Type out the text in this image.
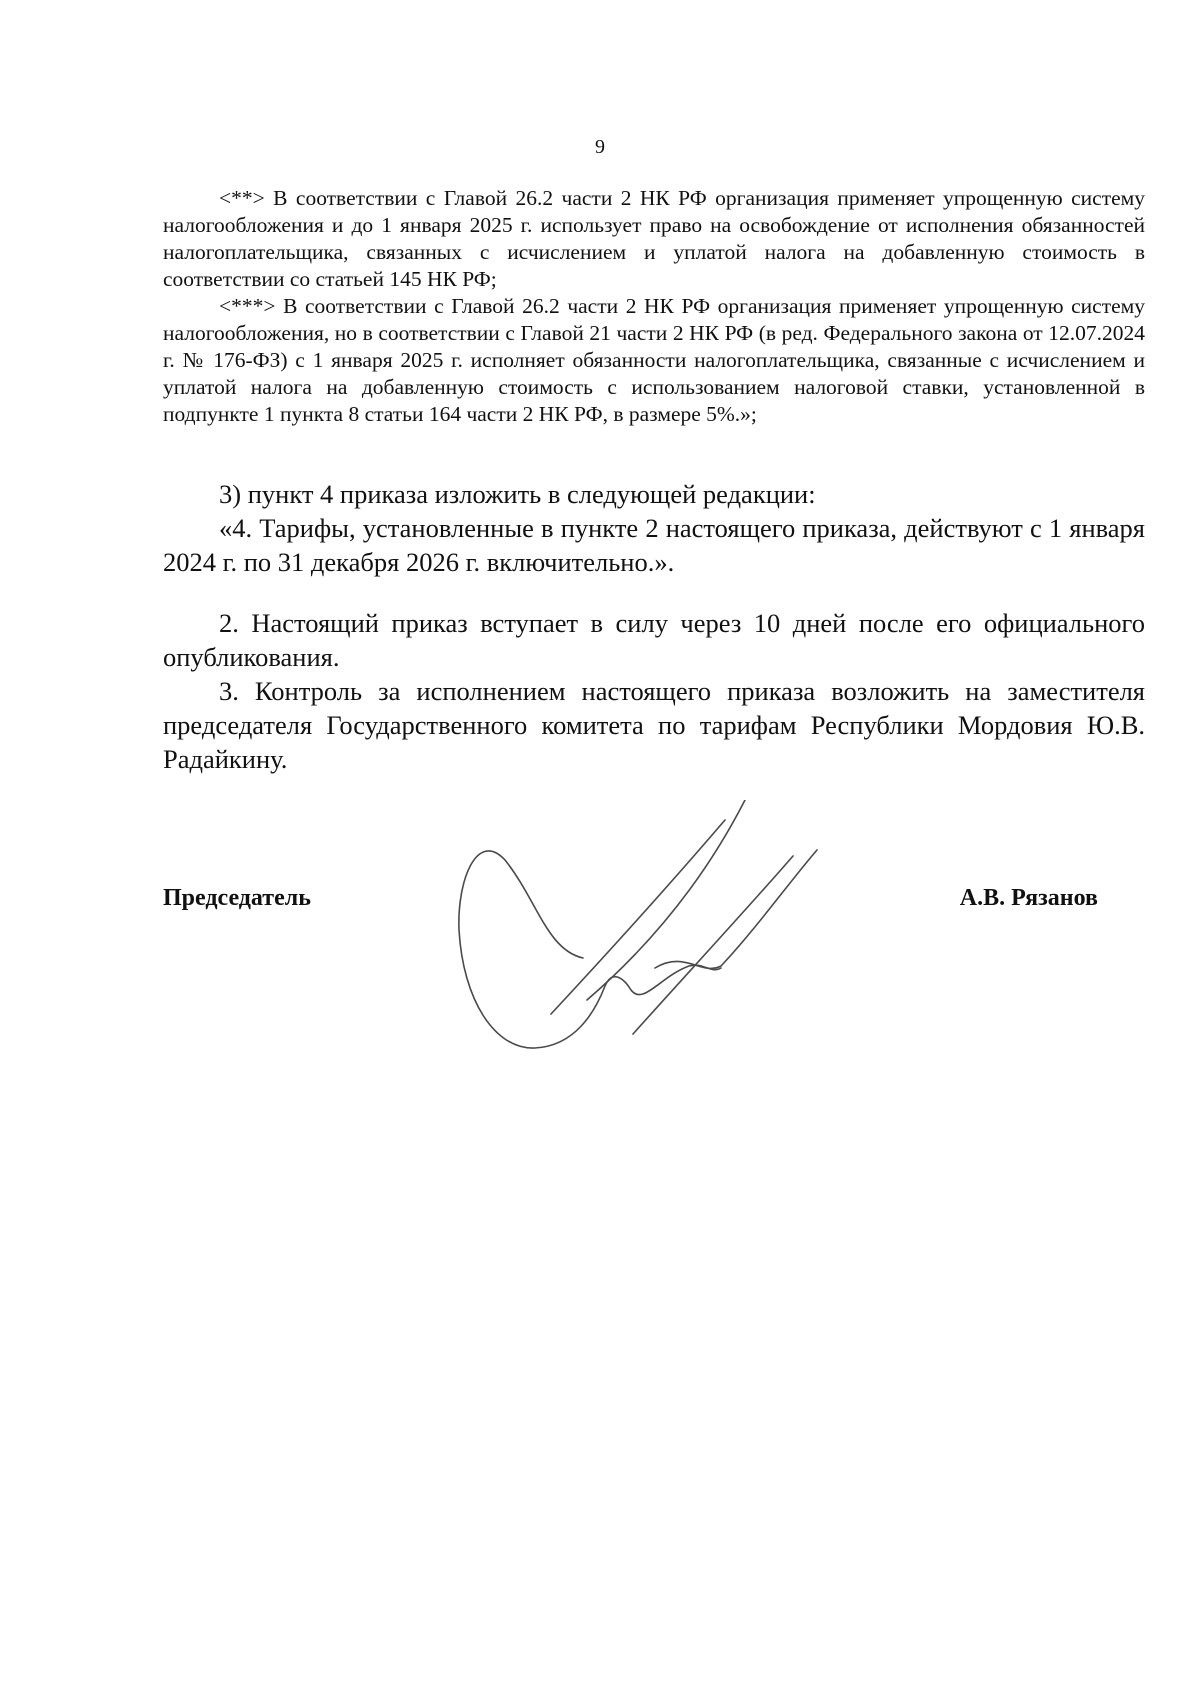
9

<**> В соответствии с Главой 26.2 части 2 НК РФ организация применяет упрощенную систему налогообложения и до 1 января 2025 г. использует право на освобождение от исполнения обязанностей налогоплательщика, связанных с исчислением и уплатой налога на добавленную стоимость в соответствии со статьей 145 НК РФ;

<***> В соответствии с Главой 26.2 части 2 НК РФ организация применяет упрощенную систему налогообложения, но в соответствии с Главой 21 части 2 НК РФ (в ред. Федерального закона от 12.07.2024 г. № 176-ФЗ) с 1 января 2025 г. исполняет обязанности налогоплательщика, связанные с исчислением и уплатой налога на добавленную стоимость с использованием налоговой ставки, установленной в подпункте 1 пункта 8 статьи 164 части 2 НК РФ, в размере 5%.»;

3) пункт 4 приказа изложить в следующей редакции:

«4. Тарифы, установленные в пункте 2 настоящего приказа, действуют с 1 января 2024 г. по 31 декабря 2026 г. включительно.».

2. Настоящий приказ вступает в силу через 10 дней после его официального опубликования.

3. Контроль за исполнением настоящего приказа возложить на заместителя председателя Государственного комитета по тарифам Республики Мордовия Ю.В. Радайкину.

Председатель	А.В. Рязанов
